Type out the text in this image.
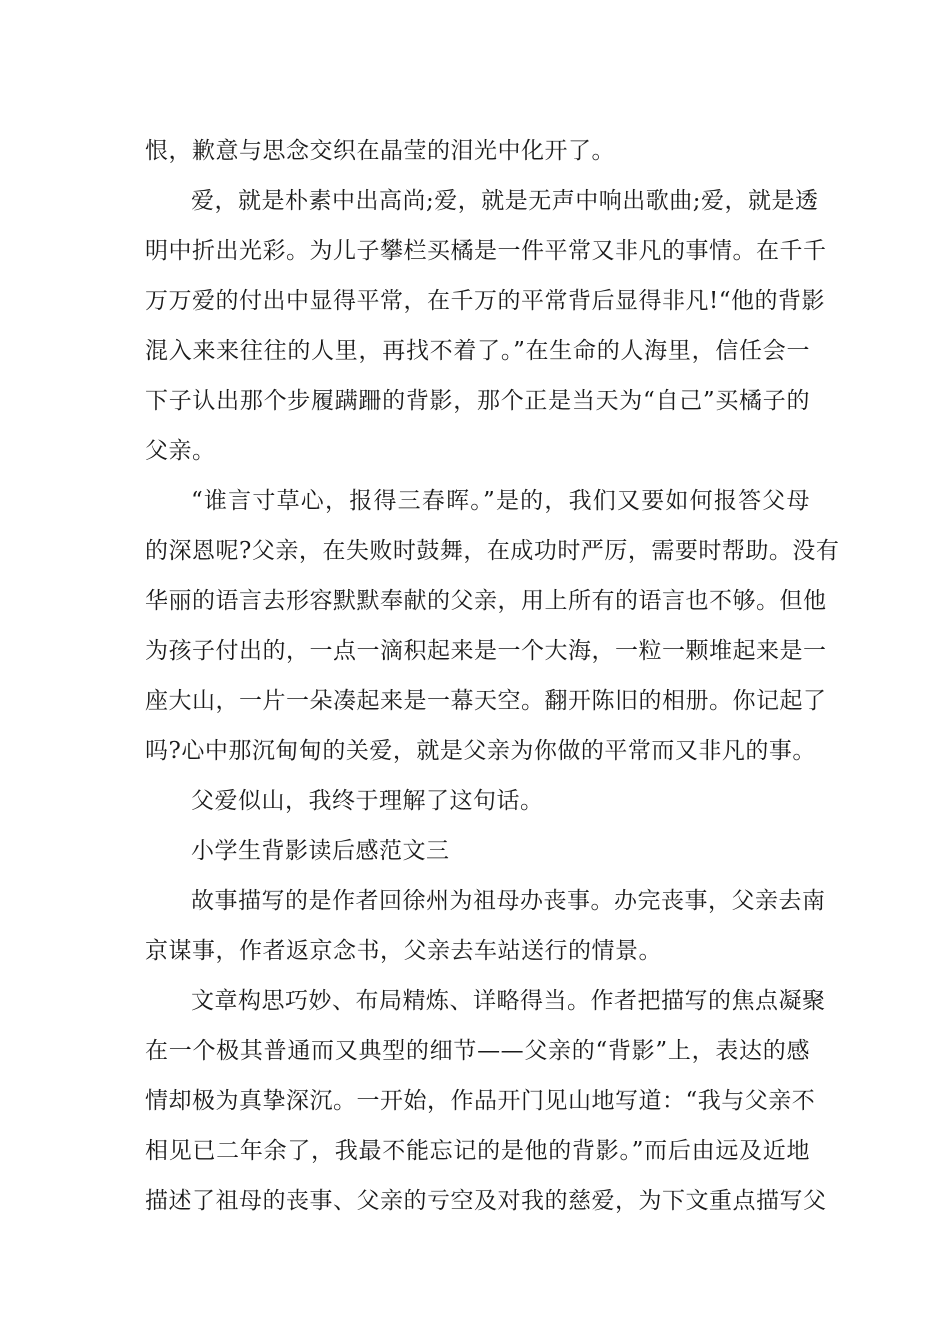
恨，歉意与思念交织在晶莹的泪光中化开了。
爱，就是朴素中出高尚;爱，就是无声中响出歌曲;爱，就是透
明中折出光彩。为儿子攀栏买橘是一件平常又非凡的事情。在千千
万万爱的付出中显得平常，在千万的平常背后显得非凡!“他的背影
混入来来往往的人里，再找不着了。”在生命的人海里，信任会一
下子认出那个步履蹒跚的背影，那个正是当天为“自己”买橘子的
父亲。
“谁言寸草心，报得三春晖。”是的，我们又要如何报答父母
的深恩呢?父亲，在失败时鼓舞，在成功时严厉，需要时帮助。没有
华丽的语言去形容默默奉献的父亲，用上所有的语言也不够。但他
为孩子付出的，一点一滴积起来是一个大海，一粒一颗堆起来是一
座大山，一片一朵凑起来是一幕天空。翻开陈旧的相册。你记起了
吗?心中那沉甸甸的关爱，就是父亲为你做的平常而又非凡的事。
父爱似山，我终于理解了这句话。
小学生背影读后感范文三
故事描写的是作者回徐州为祖母办丧事。办完丧事，父亲去南
京谋事，作者返京念书，父亲去车站送行的情景。
文章构思巧妙、布局精炼、详略得当。作者把描写的焦点凝聚
在一个极其普通而又典型的细节——父亲的“背影”上，表达的感
情却极为真挚深沉。一开始，作品开门见山地写道：“我与父亲不
相见已二年余了，我最不能忘记的是他的背影。”而后由远及近地
描述了祖母的丧事、父亲的亏空及对我的慈爱，为下文重点描写父
